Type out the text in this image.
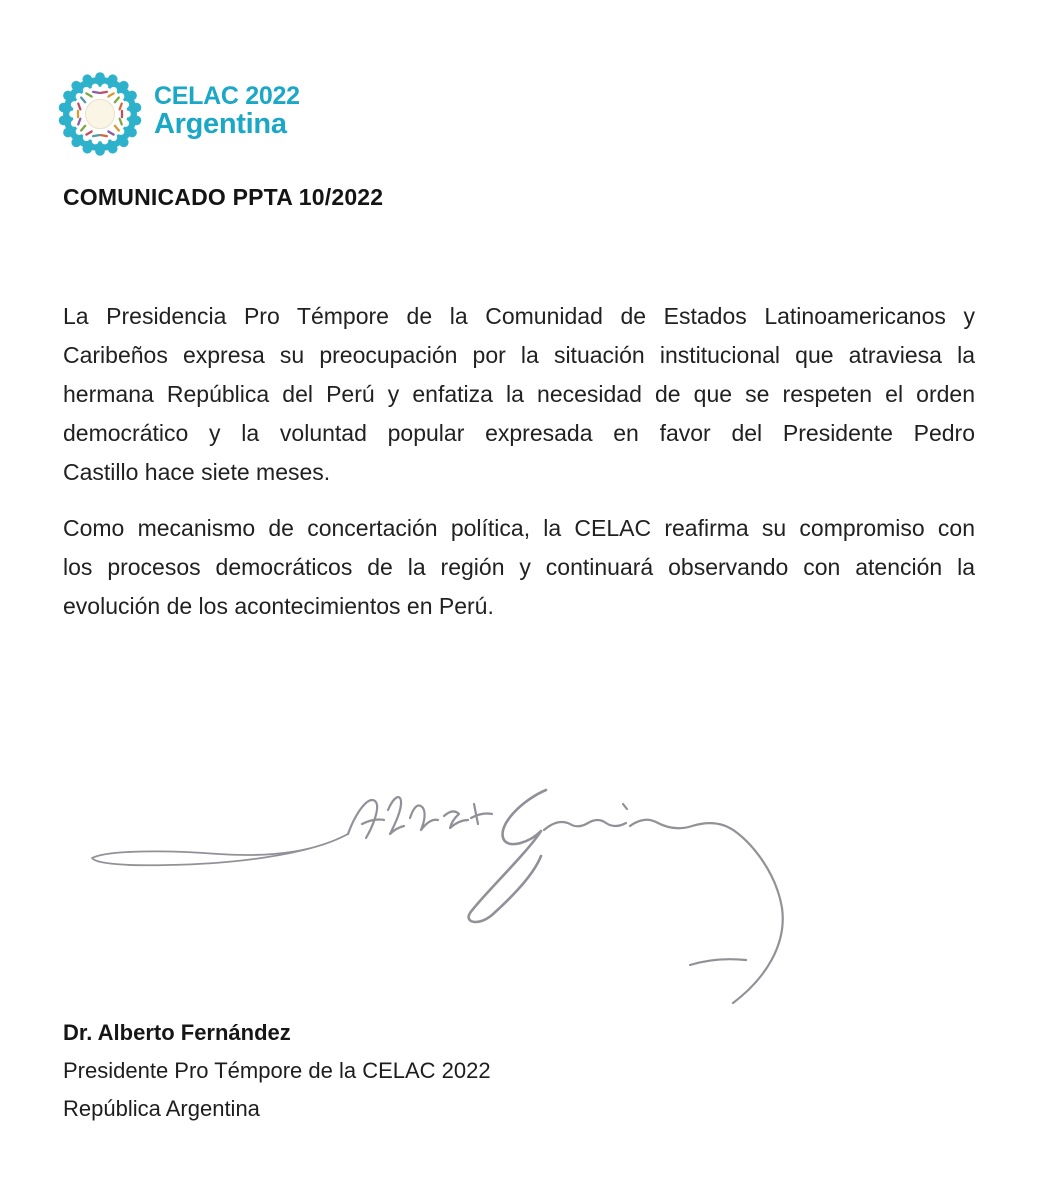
CELAC 2022
Argentina
COMUNICADO PPTA 10/2022
La Presidencia Pro Témpore de la Comunidad de Estados Latinoamericanos y
Caribeños expresa su preocupación por la situación institucional que atraviesa la
hermana República del Perú y enfatiza la necesidad de que se respeten el orden
democrático y la voluntad popular expresada en favor del Presidente Pedro
Castillo hace siete meses.
Como mecanismo de concertación política, la CELAC reafirma su compromiso con
los procesos democráticos de la región y continuará observando con atención la
evolución de los acontecimientos en Perú.
Dr. Alberto Fernández
Presidente Pro Témpore de la CELAC 2022
República Argentina
